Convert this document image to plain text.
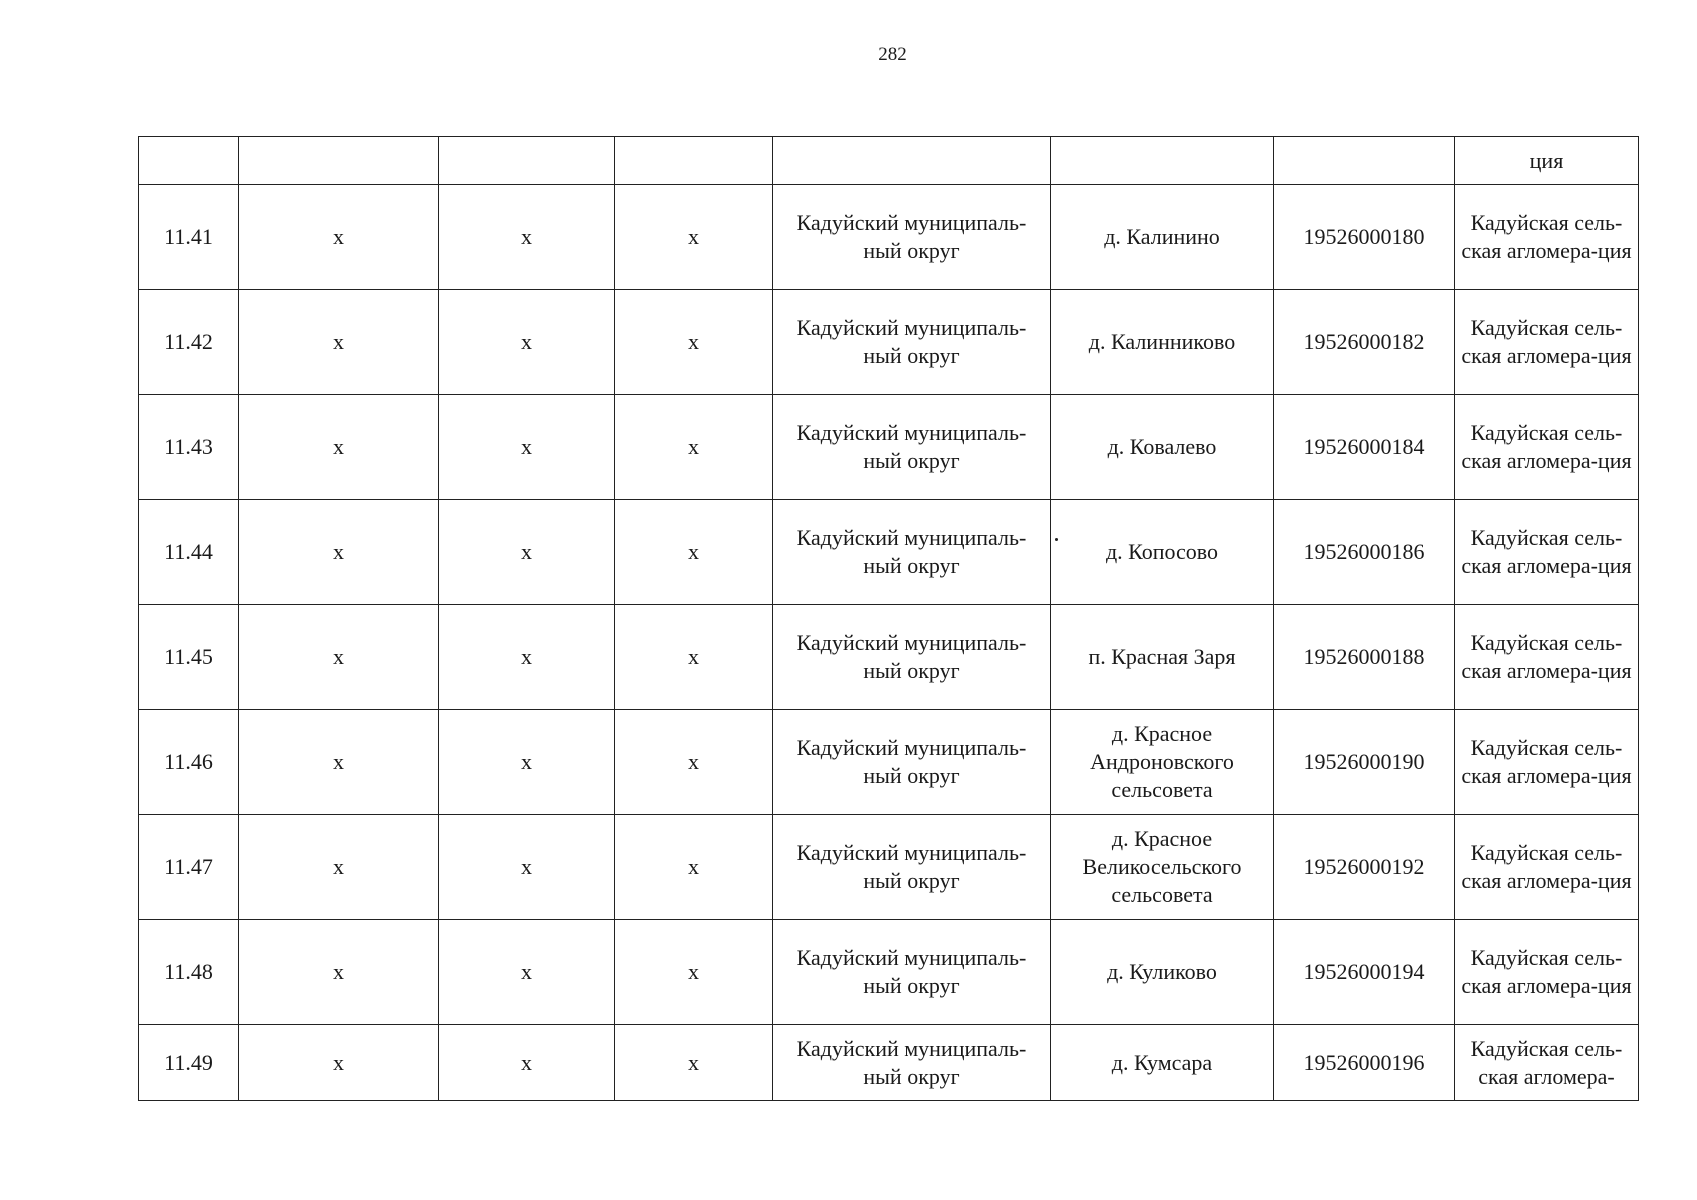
282
							ция
11.41	х	х	х	Кадуйский муниципаль-ный округ	д. Калинино	19526000180	Кадуйская сель-ская агломера-ция
11.42	х	х	х	Кадуйский муниципаль-ный округ	д. Калинниково	19526000182	Кадуйская сель-ская агломера-ция
11.43	х	х	х	Кадуйский муниципаль-ный округ	д. Ковалево	19526000184	Кадуйская сель-ская агломера-ция
11.44	х	х	х	Кадуйский муниципаль-ный округ	д. Копосово	19526000186	Кадуйская сель-ская агломера-ция
11.45	х	х	х	Кадуйский муниципаль-ный округ	п. Красная Заря	19526000188	Кадуйская сель-ская агломера-ция
11.46	х	х	х	Кадуйский муниципаль-ный округ	д. Красное Андроновского сельсовета	19526000190	Кадуйская сель-ская агломера-ция
11.47	х	х	х	Кадуйский муниципаль-ный округ	д. Красное Великосельского сельсовета	19526000192	Кадуйская сель-ская агломера-ция
11.48	х	х	х	Кадуйский муниципаль-ный округ	д. Куликово	19526000194	Кадуйская сель-ская агломера-ция
11.49	х	х	х	Кадуйский муниципаль-ный округ	д. Кумсара	19526000196	Кадуйская сель-ская агломера-
